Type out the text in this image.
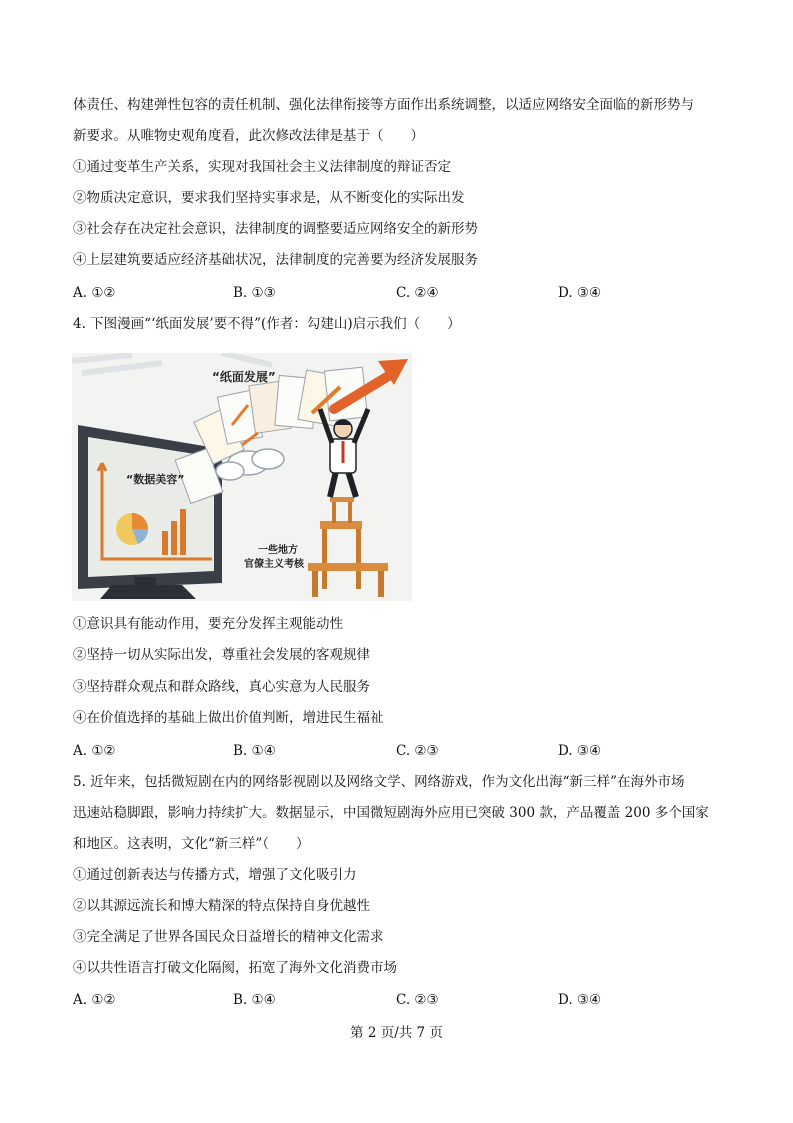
体责任、构建弹性包容的责任机制、强化法律衔接等方面作出系统调整，以适应网络安全面临的新形势与
新要求。从唯物史观角度看，此次修改法律是基于（　　）
①通过变革生产关系，实现对我国社会主义法律制度的辩证否定
②物质决定意识，要求我们坚持实事求是，从不断变化的实际出发
③社会存在决定社会意识，法律制度的调整要适应网络安全的新形势
④上层建筑要适应经济基础状况，法律制度的完善要为经济发展服务
A. ①②	B. ①③	C. ②④	D. ③④
4. 下图漫画“‘纸面发展’要不得”(作者：勾建山)启示我们（　　）
“纸面发展”
“数据美容”
一些地方
官僚主义考核
①意识具有能动作用，要充分发挥主观能动性
②坚持一切从实际出发，尊重社会发展的客观规律
③坚持群众观点和群众路线，真心实意为人民服务
④在价值选择的基础上做出价值判断，增进民生福祉
A. ①②	B. ①④	C. ②③	D. ③④
5. 近年来，包括微短剧在内的网络影视剧以及网络文学、网络游戏，作为文化出海“新三样”在海外市场
迅速站稳脚跟，影响力持续扩大。数据显示，中国微短剧海外应用已突破 300 款，产品覆盖 200 多个国家
和地区。这表明，文化“新三样”（　　）
①通过创新表达与传播方式，增强了文化吸引力
②以其源远流长和博大精深的特点保持自身优越性
③完全满足了世界各国民众日益增长的精神文化需求
④以共性语言打破文化隔阂，拓宽了海外文化消费市场
A. ①②	B. ①④	C. ②③	D. ③④
第 2 页/共 7 页
